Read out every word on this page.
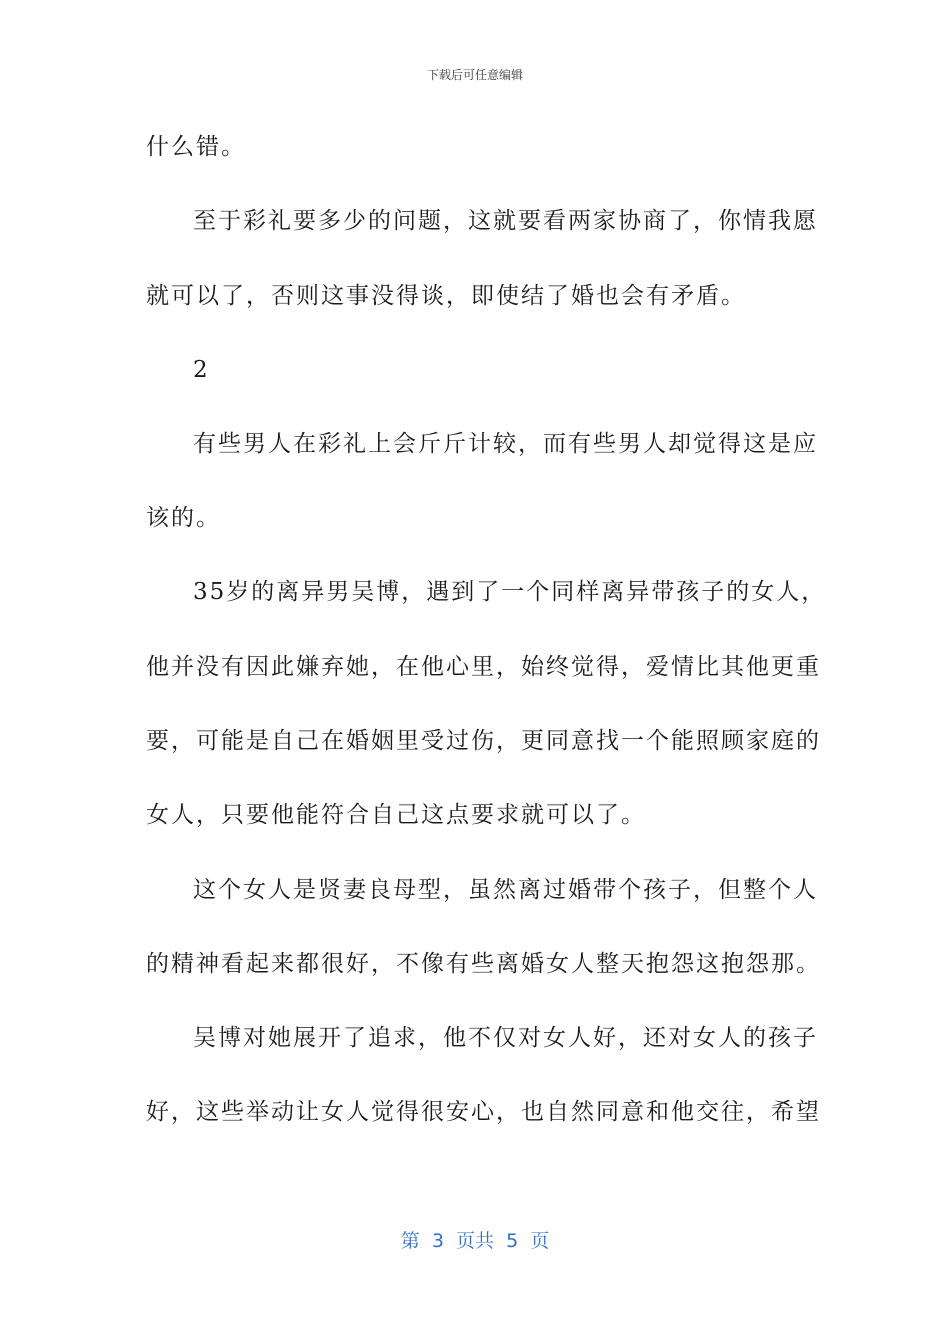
下载后可任意编辑
什么错。
至于彩礼要多少的问题，这就要看两家协商了，你情我愿
就可以了，否则这事没得谈，即使结了婚也会有矛盾。
2
有些男人在彩礼上会斤斤计较，而有些男人却觉得这是应
该的。
35岁的离异男吴博，遇到了一个同样离异带孩子的女人，
他并没有因此嫌弃她，在他心里，始终觉得，爱情比其他更重
要，可能是自己在婚姻里受过伤，更同意找一个能照顾家庭的
女人，只要他能符合自己这点要求就可以了。
这个女人是贤妻良母型，虽然离过婚带个孩子，但整个人
的精神看起来都很好，不像有些离婚女人整天抱怨这抱怨那。
吴博对她展开了追求，他不仅对女人好，还对女人的孩子
好，这些举动让女人觉得很安心，也自然同意和他交往，希望
第  3  页共  5  页
